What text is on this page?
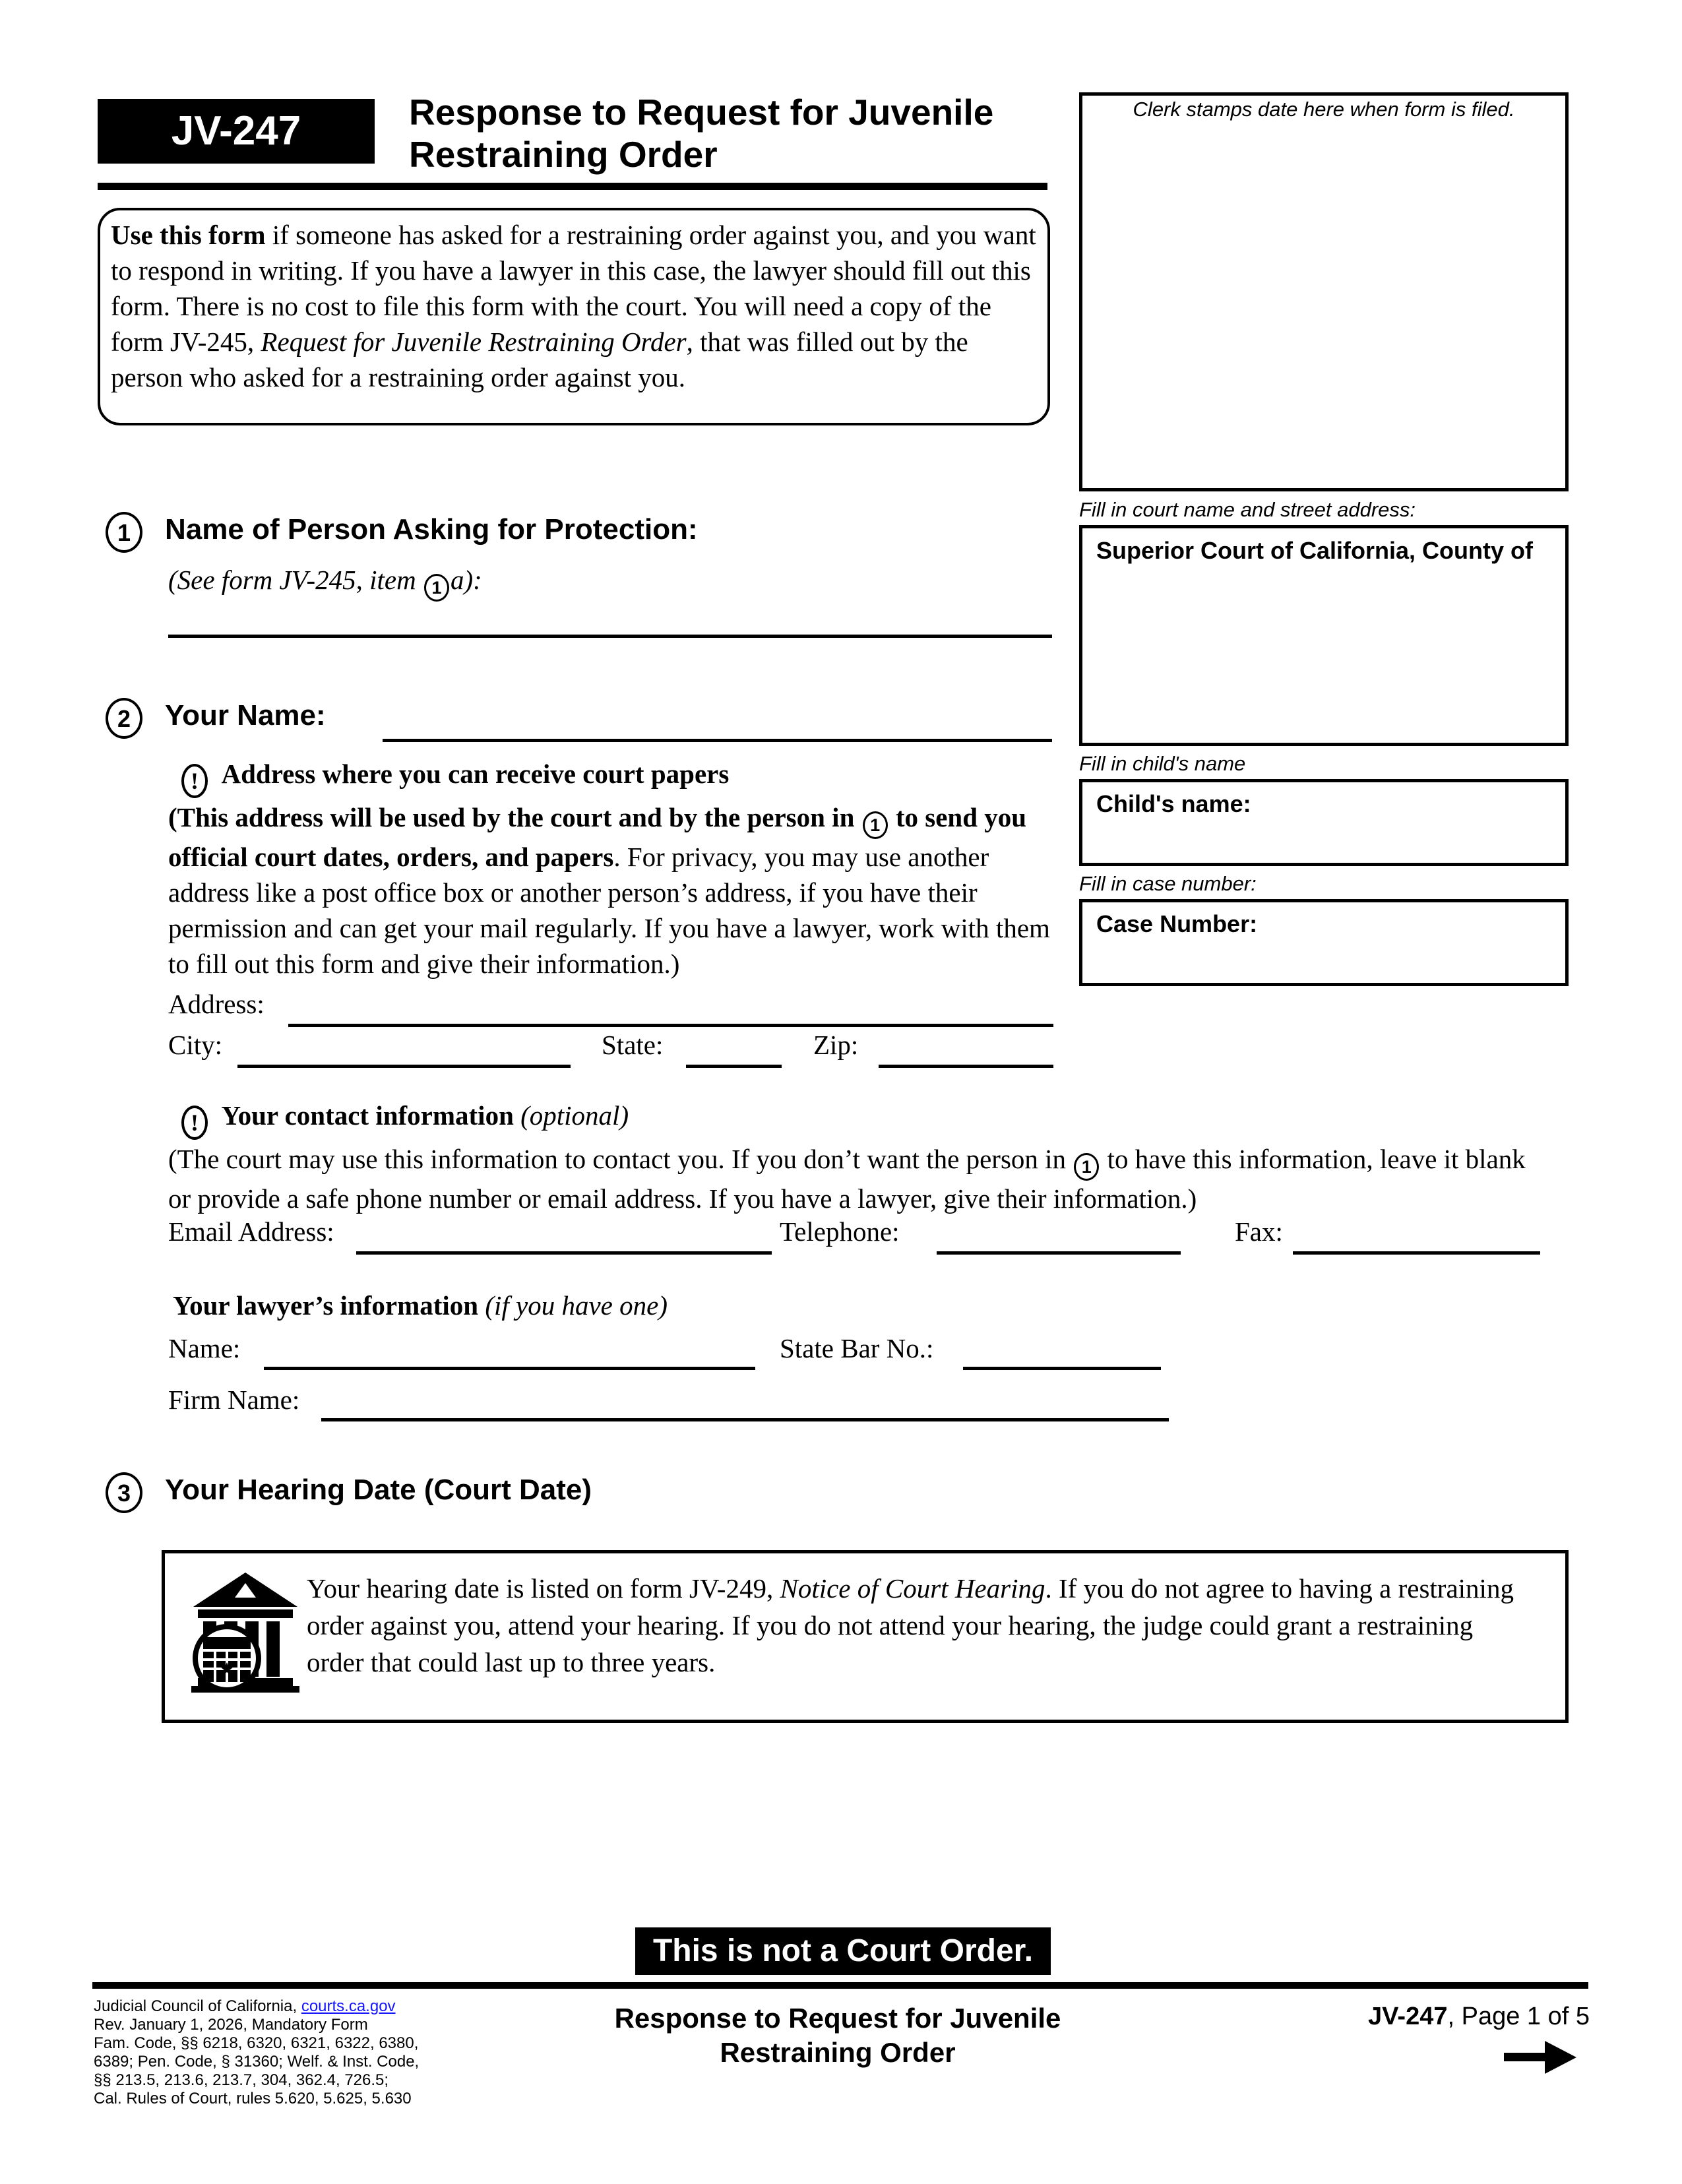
JV-247	Response to Request for Juvenile
Restraining Order
Use this form if someone has asked for a restraining order against you, and you want to respond in writing. If you have a lawyer in this case, the lawyer should fill out this form. There is no cost to file this form with the court. You will need a copy of the form JV-245, Request for Juvenile Restraining Order, that was filled out by the person who asked for a restraining order against you.
Clerk stamps date here when form is filed.
Fill in court name and street address:
Superior Court of California, County of
Fill in child's name
Child's name:
Fill in case number:
Case Number:
1	Name of Person Asking for Protection:
(See form JV-245, item 1 a):
2	Your Name:
! Address where you can receive court papers
(This address will be used by the court and by the person in 1 to send you official court dates, orders, and papers. For privacy, you may use another address like a post office box or another person’s address, if you have their permission and can get your mail regularly. If you have a lawyer, work with them to fill out this form and give their information.)
Address:
City:	State:	Zip:
! Your contact information (optional)
(The court may use this information to contact you. If you don’t want the person in 1 to have this information, leave it blank or provide a safe phone number or email address. If you have a lawyer, give their information.)
Email Address:	Telephone:	Fax:
Your lawyer’s information (if you have one)
Name:	State Bar No.:
Firm Name:
3	Your Hearing Date (Court Date)
Your hearing date is listed on form JV-249, Notice of Court Hearing. If you do not agree to having a restraining order against you, attend your hearing. If you do not attend your hearing, the judge could grant a restraining order that could last up to three years.
This is not a Court Order.
Judicial Council of California, courts.ca.gov
Rev. January 1, 2026, Mandatory Form
Fam. Code, §§ 6218, 6320, 6321, 6322, 6380,
6389; Pen. Code, § 31360; Welf. & Inst. Code,
§§ 213.5, 213.6, 213.7, 304, 362.4, 726.5;
Cal. Rules of Court, rules 5.620, 5.625, 5.630
Response to Request for Juvenile
Restraining Order
JV-247, Page 1 of 5
